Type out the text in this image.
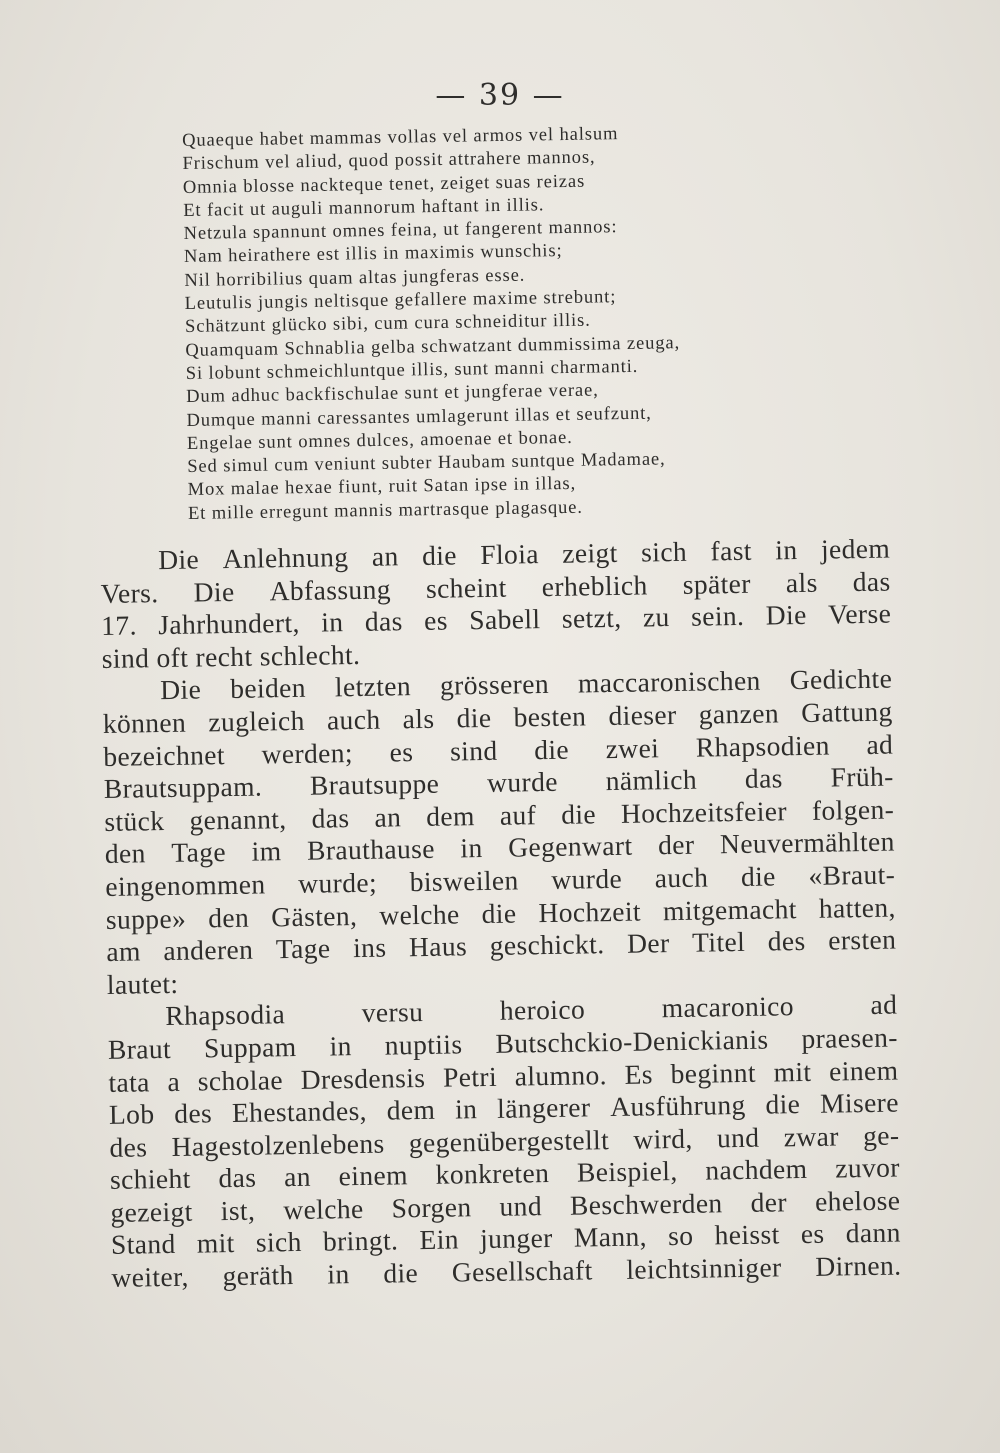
— 39 —
Quaeque habet mammas vollas vel armos vel halsum
Frischum vel aliud, quod possit attrahere mannos,
Omnia blosse nackteque tenet, zeiget suas reizas
Et facit ut auguli mannorum haftant in illis.
Netzula spannunt omnes feina, ut fangerent mannos:
Nam heirathere est illis in maximis wunschis;
Nil horribilius quam altas jungferas esse.
Leutulis jungis neltisque gefallere maxime strebunt;
Schätzunt glücko sibi, cum cura schneiditur illis.
Quamquam Schnablia gelba schwatzant dummissima zeuga,
Si lobunt schmeichluntque illis, sunt manni charmanti.
Dum adhuc backfischulae sunt et jungferae verae,
Dumque manni caressantes umlagerunt illas et seufzunt,
Engelae sunt omnes dulces, amoenae et bonae.
Sed simul cum veniunt subter Haubam suntque Madamae,
Mox malae hexae fiunt, ruit Satan ipse in illas,
Et mille erregunt mannis martrasque plagasque.
Die Anlehnung an die Floia zeigt sich fast in jedem
Vers. Die Abfassung scheint erheblich später als das
17. Jahrhundert, in das es Sabell setzt, zu sein. Die Verse
sind oft recht schlecht.
Die beiden letzten grösseren maccaronischen Gedichte
können zugleich auch als die besten dieser ganzen Gattung
bezeichnet werden; es sind die zwei Rhapsodien ad
Brautsuppam. Brautsuppe wurde nämlich das Früh-
stück genannt, das an dem auf die Hochzeitsfeier folgen-
den Tage im Brauthause in Gegenwart der Neuvermählten
eingenommen wurde; bisweilen wurde auch die «Braut-
suppe» den Gästen, welche die Hochzeit mitgemacht hatten,
am anderen Tage ins Haus geschickt. Der Titel des ersten
lautet:
Rhapsodia	versu	heroico	macaronico	ad
Braut Suppam in nuptiis Butschckio-Denickianis praesen-
tata a scholae Dresdensis Petri alumno. Es beginnt mit einem
Lob des Ehestandes, dem in längerer Ausführung die Misere
des Hagestolzenlebens gegenübergestellt wird, und zwar ge-
schieht das an einem konkreten Beispiel, nachdem zuvor
gezeigt ist, welche Sorgen und Beschwerden der ehelose
Stand mit sich bringt. Ein junger Mann, so heisst es dann
weiter, geräth in die Gesellschaft leichtsinniger Dirnen.
